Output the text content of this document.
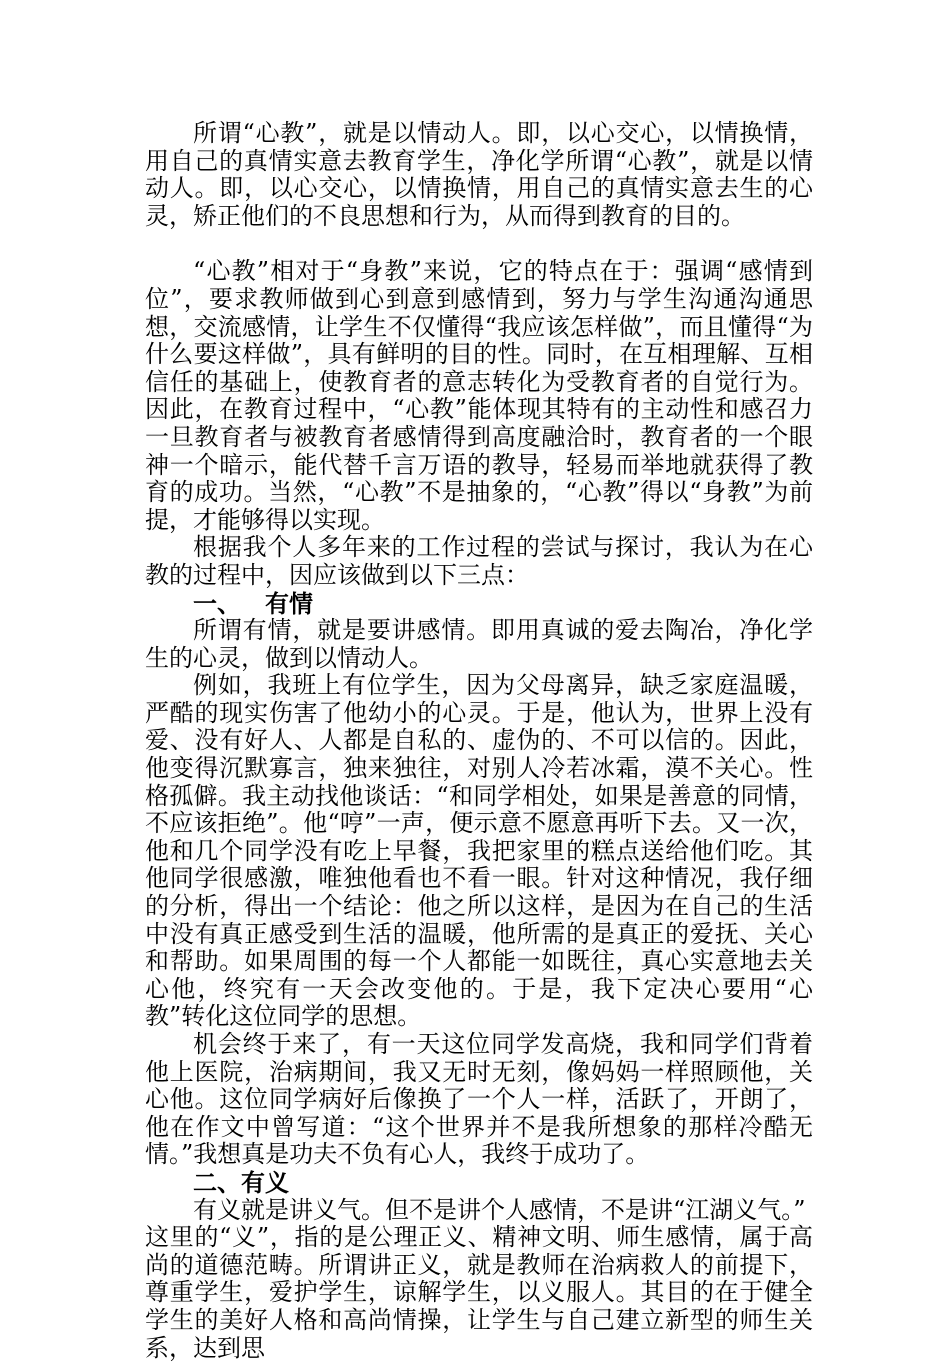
所谓“心教”，就是以情动人。即，以心交心，以情换情，用自己的真情实意去教育学生，净化学所谓“心教”，就是以情动人。即，以心交心，以情换情，用自己的真情实意去生的心灵，矫正他们的不良思想和行为，从而得到教育的目的。

“心教”相对于“身教”来说，它的特点在于：强调“感情到位”，要求教师做到心到意到感情到，努力与学生沟通沟通思想，交流感情，让学生不仅懂得“我应该怎样做”，而且懂得“为什么要这样做”，具有鲜明的目的性。同时，在互相理解、互相信任的基础上，使教育者的意志转化为受教育者的自觉行为。因此，在教育过程中，“心教”能体现其特有的主动性和感召力一旦教育者与被教育者感情得到高度融洽时，教育者的一个眼神一个暗示，能代替千言万语的教导，轻易而举地就获得了教育的成功。当然，“心教”不是抽象的，“心教”得以“身教”为前提，才能够得以实现。

根据我个人多年来的工作过程的尝试与探讨，我认为在心教的过程中，因应该做到以下三点：

一、 有情

所谓有情，就是要讲感情。即用真诚的爱去陶冶，净化学生的心灵，做到以情动人。

例如，我班上有位学生，因为父母离异，缺乏家庭温暖，严酷的现实伤害了他幼小的心灵。于是，他认为，世界上没有爱、没有好人、人都是自私的、虚伪的、不可以信的。因此，他变得沉默寡言，独来独往，对别人冷若冰霜，漠不关心。性格孤僻。我主动找他谈话：“和同学相处，如果是善意的同情，不应该拒绝”。他“哼”一声，便示意不愿意再听下去。又一次，他和几个同学没有吃上早餐，我把家里的糕点送给他们吃。其他同学很感激，唯独他看也不看一眼。针对这种情况，我仔细的分析，得出一个结论：他之所以这样，是因为在自己的生活中没有真正感受到生活的温暖，他所需的是真正的爱抚、关心和帮助。如果周围的每一个人都能一如既往，真心实意地去关心他，终究有一天会改变他的。于是，我下定决心要用“心教”转化这位同学的思想。

机会终于来了，有一天这位同学发高烧，我和同学们背着他上医院，治病期间，我又无时无刻，像妈妈一样照顾他，关心他。这位同学病好后像换了一个人一样，活跃了，开朗了，他在作文中曾写道：“这个世界并不是我所想象的那样冷酷无情。”我想真是功夫不负有心人，我终于成功了。

二、有义

有义就是讲义气。但不是讲个人感情，不是讲“江湖义气。”

这里的“义”，指的是公理正义、精神文明、师生感情，属于高尚的道德范畴。所谓讲正义，就是教师在治病救人的前提下，尊重学生，爱护学生，谅解学生，以义服人。其目的在于健全学生的美好人格和高尚情操，让学生与自己建立新型的师生关系，达到思
